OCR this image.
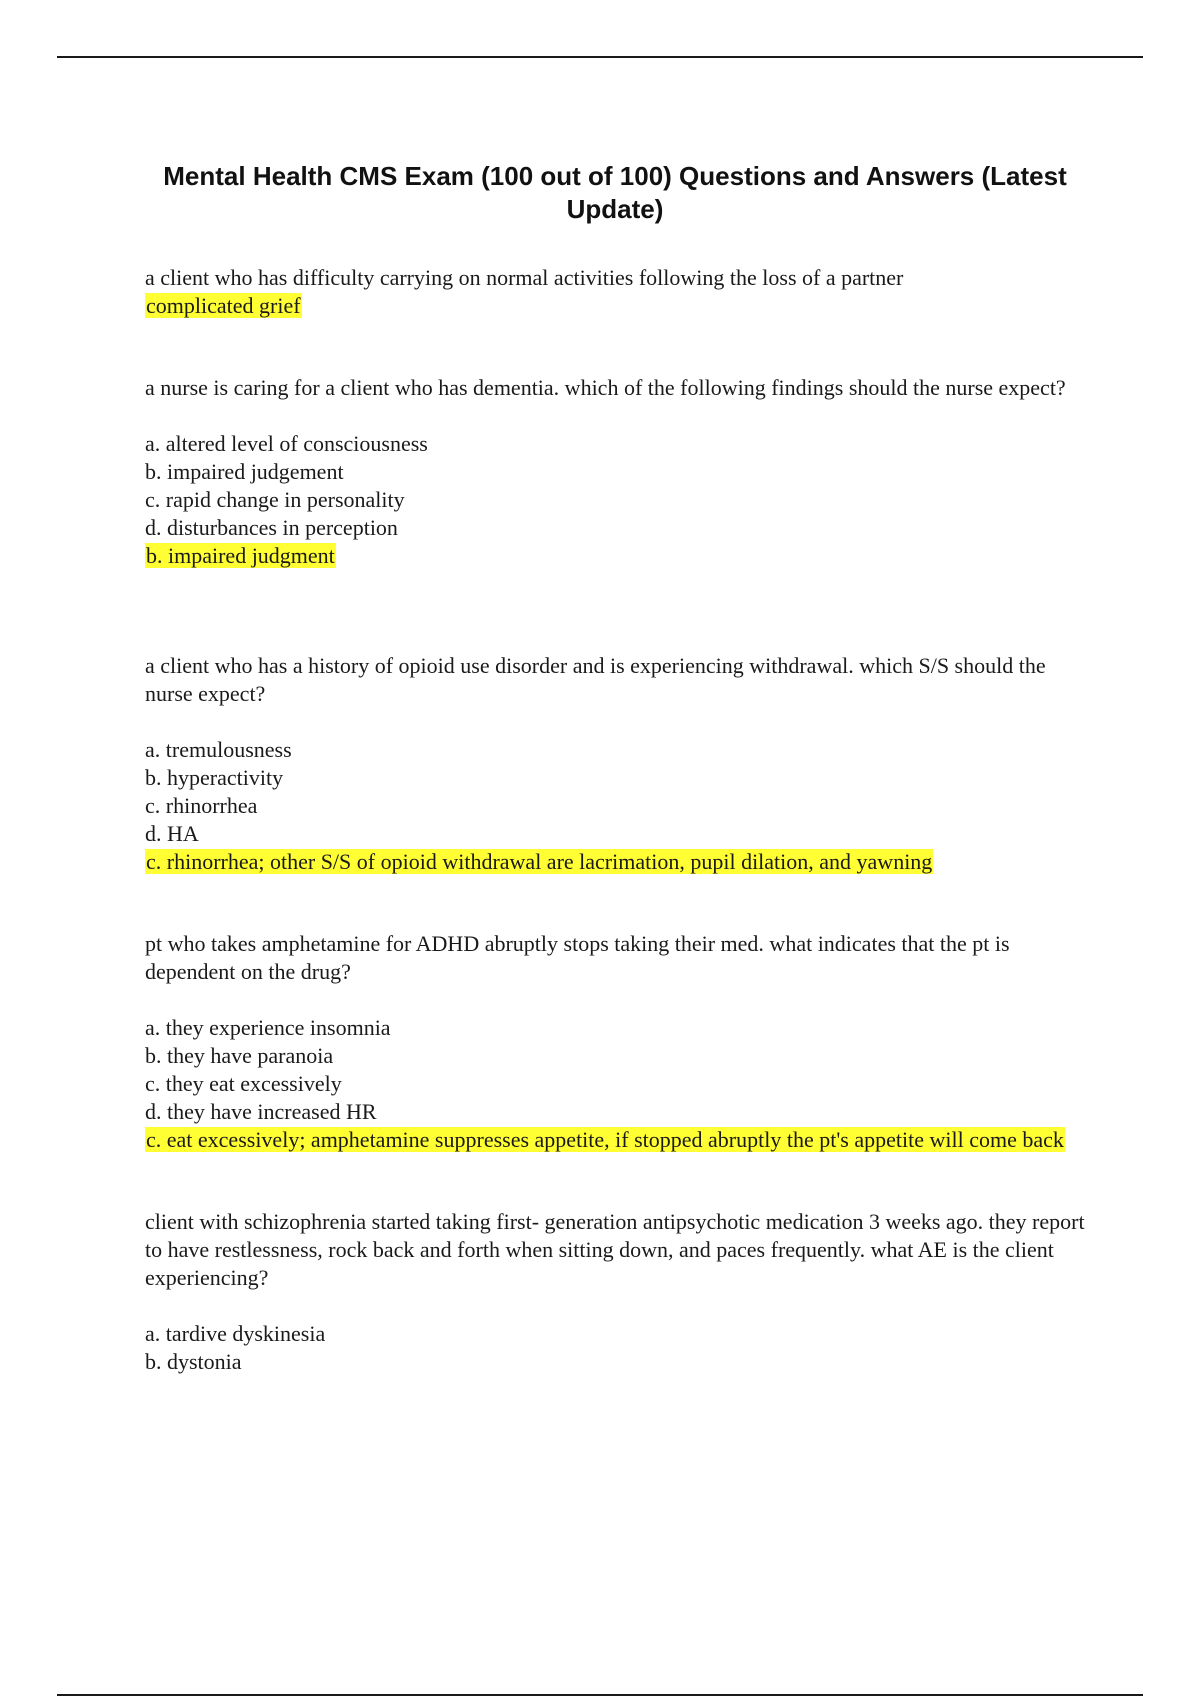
Mental Health CMS Exam (100 out of 100) Questions and Answers (Latest Update)

a client who has difficulty carrying on normal activities following the loss of a partner

complicated grief

a nurse is caring for a client who has dementia. which of the following findings should the nurse expect?

a. altered level of consciousness
b. impaired judgement
c. rapid change in personality
d. disturbances in perception

b. impaired judgment

a client who has a history of opioid use disorder and is experiencing withdrawal. which S/S should the nurse expect?

a. tremulousness
b. hyperactivity
c. rhinorrhea
d. HA

c. rhinorrhea; other S/S of opioid withdrawal are lacrimation, pupil dilation, and yawning

pt who takes amphetamine for ADHD abruptly stops taking their med. what indicates that the pt is dependent on the drug?

a. they experience insomnia
b. they have paranoia
c. they eat excessively
d. they have increased HR

c. eat excessively; amphetamine suppresses appetite, if stopped abruptly the pt's appetite will come back

client with schizophrenia started taking first- generation antipsychotic medication 3 weeks ago. they report to have restlessness, rock back and forth when sitting down, and paces frequently. what AE is the client experiencing?

a. tardive dyskinesia
b. dystonia
